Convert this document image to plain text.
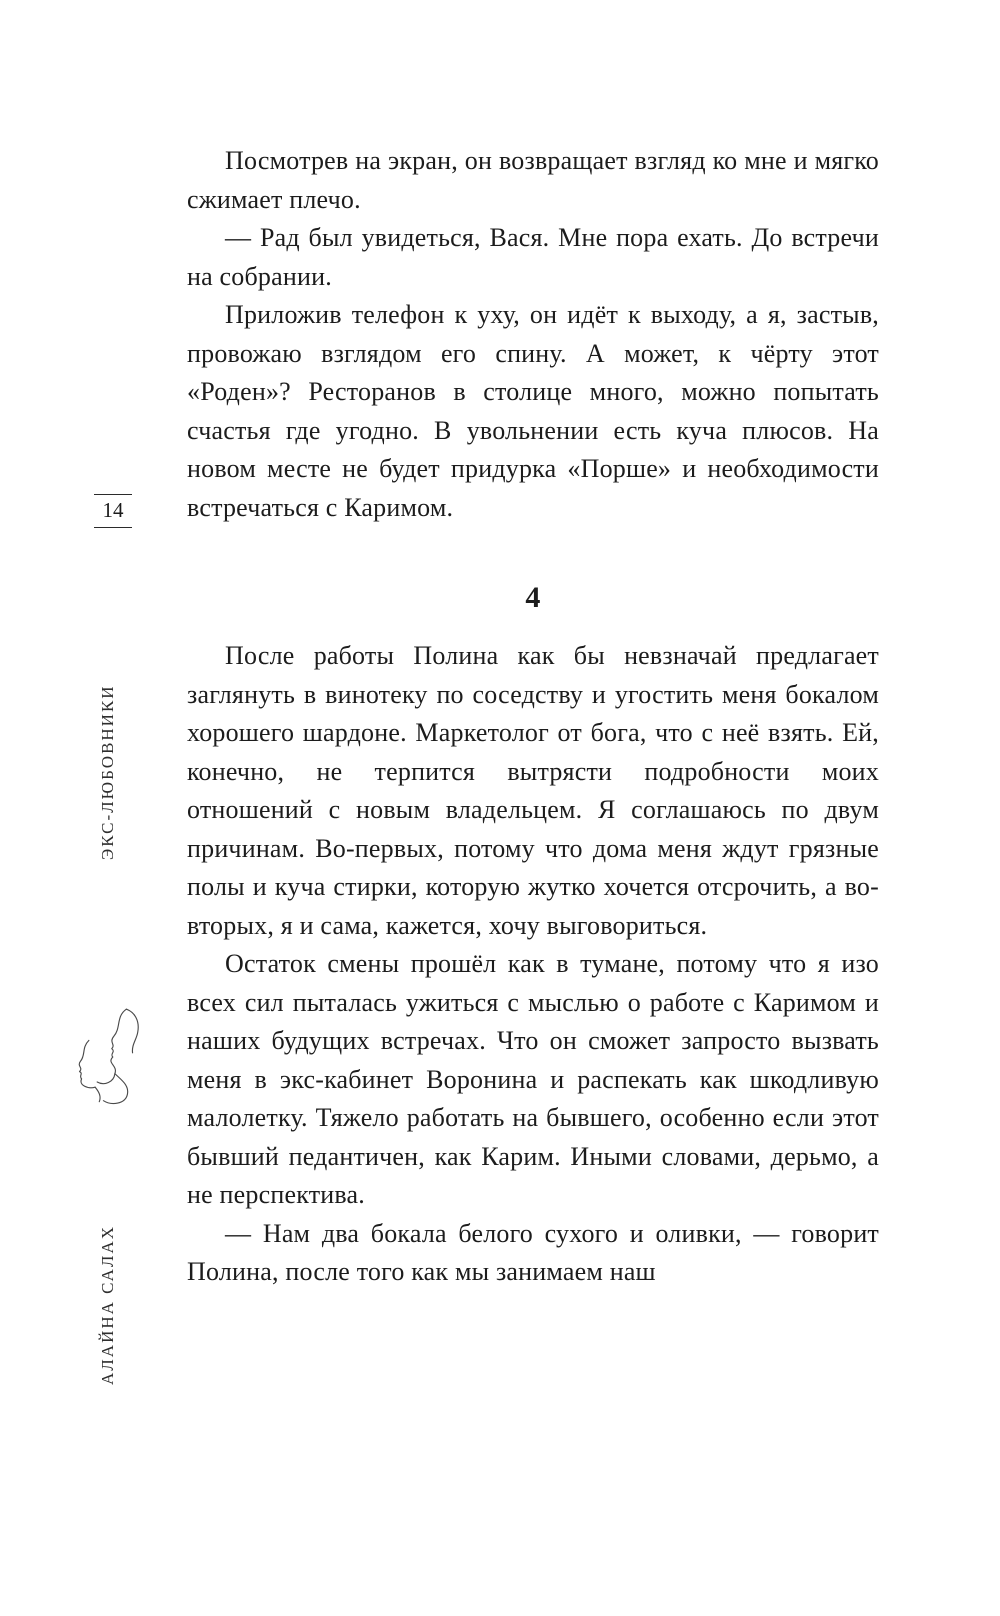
14
ЭКС-ЛЮБОВНИКИ
АЛАЙНА САЛАХ

Посмотрев на экран, он возвращает взгляд ко мне и мягко сжимает плечо.

— Рад был увидеться, Вася. Мне пора ехать. До встречи на собрании.

Приложив телефон к уху, он идёт к выходу, а я, застыв, провожаю взглядом его спину. А может, к чёрту этот «Роден»? Ресторанов в столице много, можно попытать счастья где угодно. В увольнении есть куча плюсов. На новом месте не будет придурка «Порше» и необходимости встречаться с Каримом.

4

После работы Полина как бы невзначай предлагает заглянуть в винотеку по соседству и угостить меня бокалом хорошего шардоне. Маркетолог от бога, что с неё взять. Ей, конечно, не терпится вытрясти подробности моих отношений с новым владельцем. Я соглашаюсь по двум причинам. Во-первых, потому что дома меня ждут грязные полы и куча стирки, которую жутко хочется отсрочить, а во-вторых, я и сама, кажется, хочу выговориться.

Остаток смены прошёл как в тумане, потому что я изо всех сил пыталась ужиться с мыслью о работе с Каримом и наших будущих встречах. Что он сможет запросто вызвать меня в экс-кабинет Воронина и распекать как шкодливую малолетку. Тяжело работать на бывшего, особенно если этот бывший педантичен, как Карим. Иными словами, дерьмо, а не перспектива.

— Нам два бокала белого сухого и оливки, — говорит Полина, после того как мы занимаем наш
